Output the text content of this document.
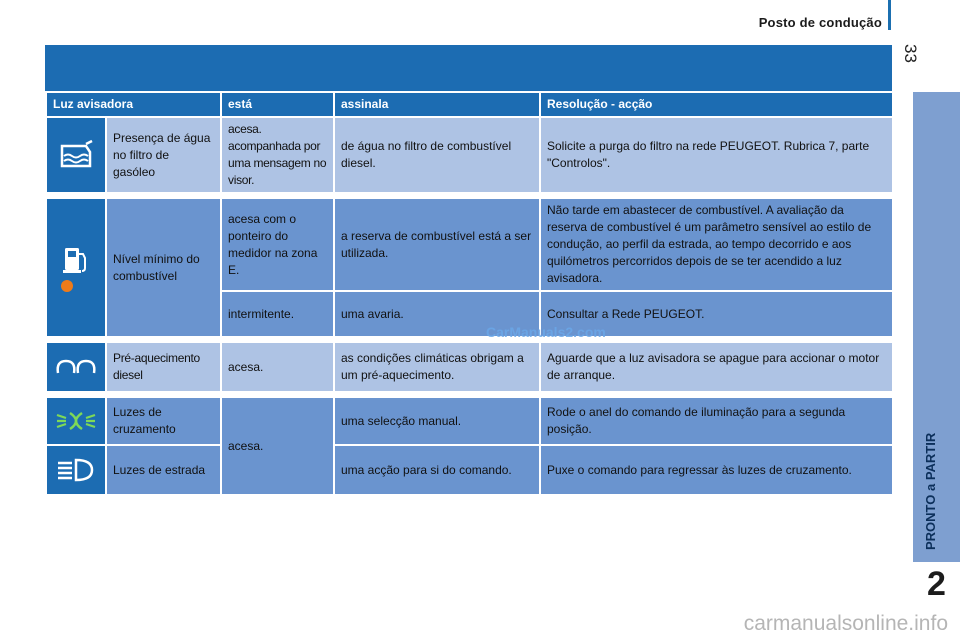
Posto de condução
33
PRONTO a PARTIR
2
Luz avisadora		está	assinala	Resolução - acção

	Presença de água no filtro de gasóleo	acesa. acompanhada por uma mensagem no visor.	de água no filtro de combustível diesel.	Solicite a purga do filtro na rede PEUGEOT. Rubrica 7, parte "Controlos".

	Nível mínimo do combustível	acesa com o ponteiro do medidor na zona E.	a reserva de combustível está a ser utilizada.	Não tarde em abastecer de combustível. A avaliação da reserva de combustível é um parâmetro sensível ao estilo de condução, ao perfil da estrada, ao tempo decorrido e aos quilómetros percorridos depois de se ter acendido a luz avisadora.
		intermitente.	uma avaria.	Consultar a Rede PEUGEOT.

	Pré-aquecimento diesel	acesa.	as condições climáticas obrigam a um pré-aquecimento.	Aguarde que a luz avisadora se apague para accionar o motor de arranque.

	Luzes de cruzamento	acesa.	uma selecção manual.	Rode o anel do comando de iluminação para a segunda posição.

	Luzes de estrada		uma acção para si do comando.	Puxe o comando para regressar às luzes de cruzamento.
CarManuals2.com
carmanualsonline.info
